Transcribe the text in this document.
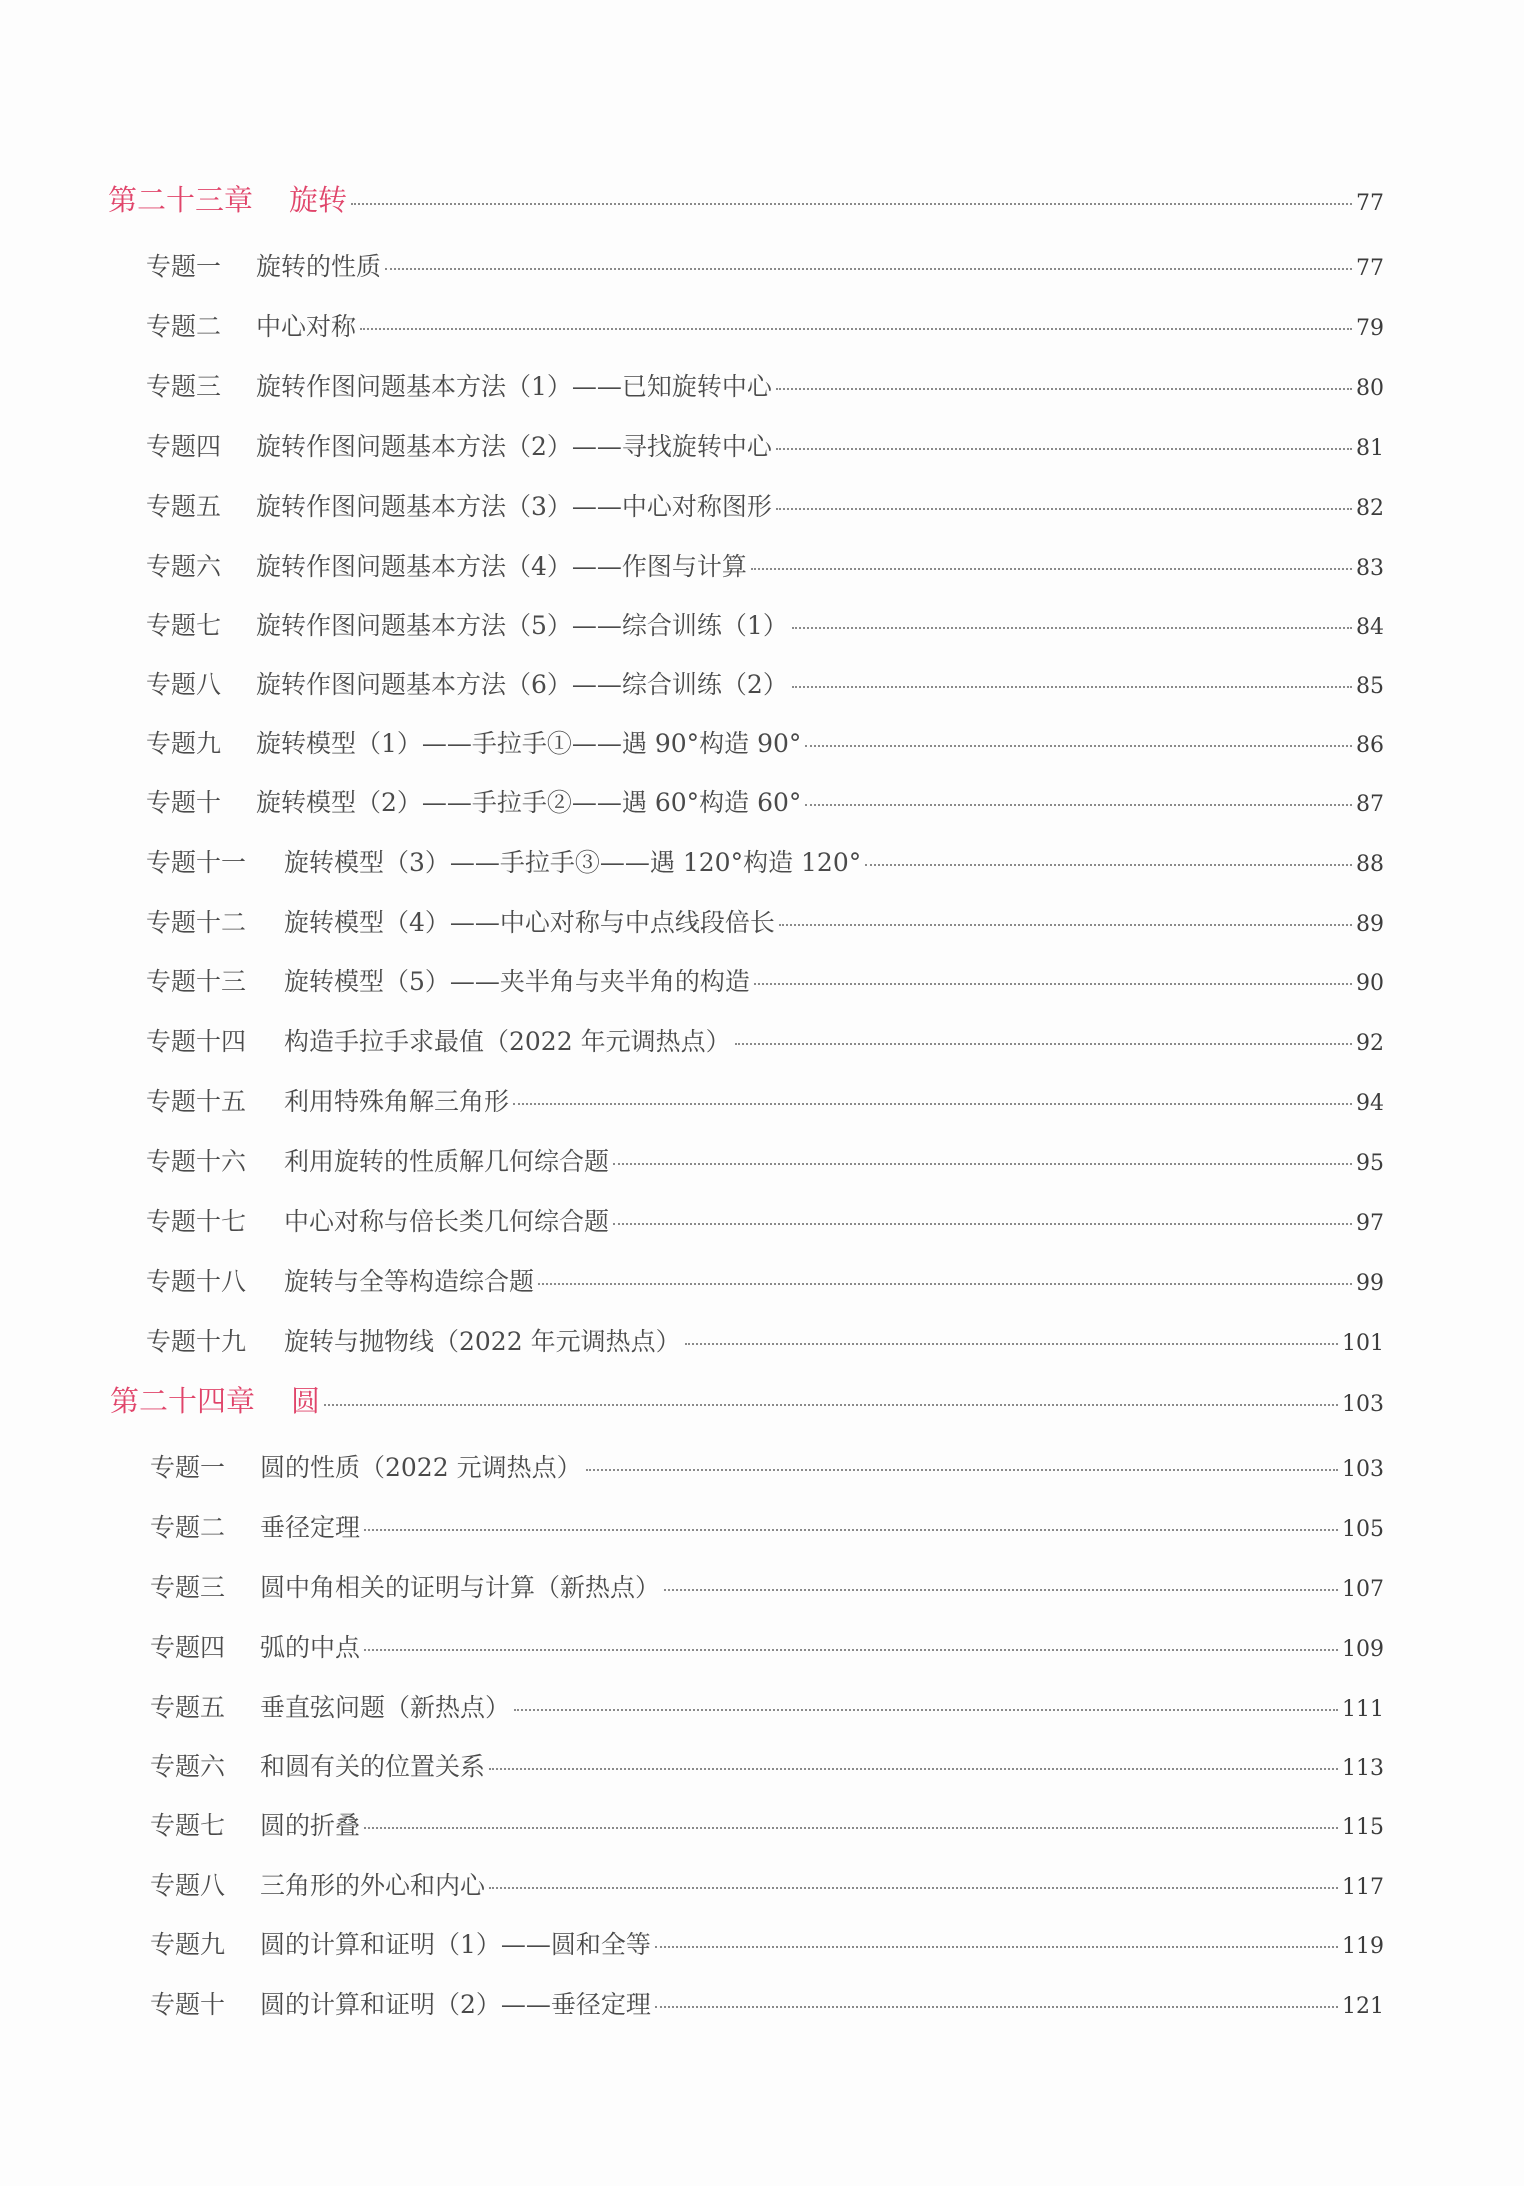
第二十三章 旋转	77
专题一	旋转的性质	77
专题二	中心对称	79
专题三	旋转作图问题基本方法（1）——已知旋转中心	80
专题四	旋转作图问题基本方法（2）——寻找旋转中心	81
专题五	旋转作图问题基本方法（3）——中心对称图形	82
专题六	旋转作图问题基本方法（4）——作图与计算	83
专题七	旋转作图问题基本方法（5）——综合训练（1）	84
专题八	旋转作图问题基本方法（6）——综合训练（2）	85
专题九	旋转模型（1）——手拉手①——遇 90°构造 90°	86
专题十	旋转模型（2）——手拉手②——遇 60°构造 60°	87
专题十一	旋转模型（3）——手拉手③——遇 120°构造 120°	88
专题十二	旋转模型（4）——中心对称与中点线段倍长	89
专题十三	旋转模型（5）——夹半角与夹半角的构造	90
专题十四	构造手拉手求最值（2022 年元调热点）	92
专题十五	利用特殊角解三角形	94
专题十六	利用旋转的性质解几何综合题	95
专题十七	中心对称与倍长类几何综合题	97
专题十八	旋转与全等构造综合题	99
专题十九	旋转与抛物线（2022 年元调热点）	101
第二十四章 圆	103
专题一	圆的性质（2022 元调热点）	103
专题二	垂径定理	105
专题三	圆中角相关的证明与计算（新热点）	107
专题四	弧的中点	109
专题五	垂直弦问题（新热点）	111
专题六	和圆有关的位置关系	113
专题七	圆的折叠	115
专题八	三角形的外心和内心	117
专题九	圆的计算和证明（1）——圆和全等	119
专题十	圆的计算和证明（2）——垂径定理	121
